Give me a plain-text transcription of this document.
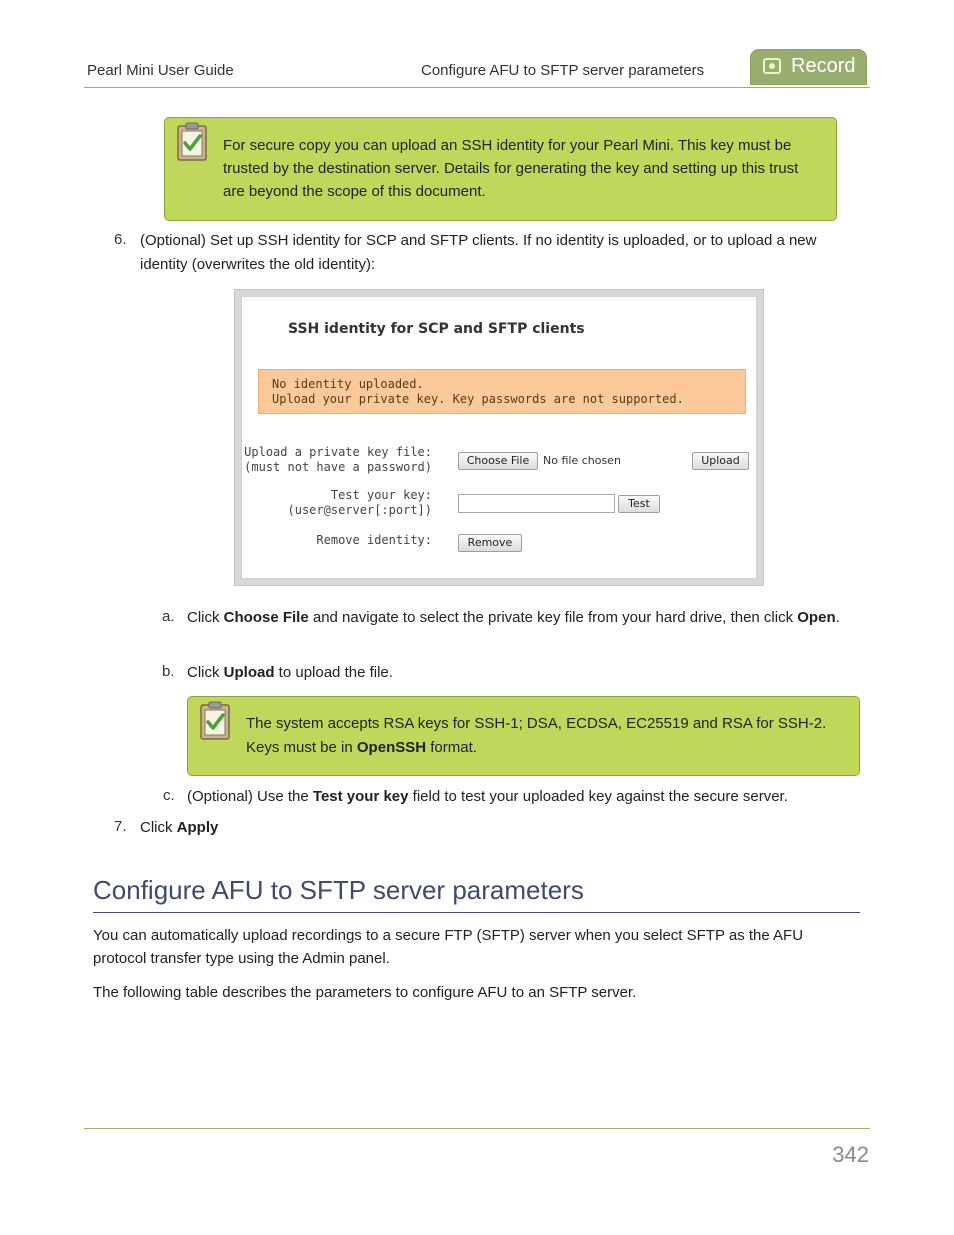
Pearl Mini User Guide	Configure AFU to SFTP server parameters	Record
For secure copy you can upload an SSH identity for your Pearl Mini. This key must be trusted by the destination server. Details for generating the key and setting up this trust are beyond the scope of this document.
6. (Optional) Set up SSH identity for SCP and SFTP clients. If no identity is uploaded, or to upload a new identity (overwrites the old identity):
SSH identity for SCP and SFTP clients
No identity uploaded.
Upload your private key. Key passwords are not supported.
Upload a private key file:
(must not have a password)	Choose File	No file chosen	Upload
Test your key:
(user@server[:port])	Test
Remove identity:	Remove
a. Click Choose File and navigate to select the private key file from your hard drive, then click Open.
b. Click Upload to upload the file.
The system accepts RSA keys for SSH-1; DSA, ECDSA, EC25519 and RSA for SSH-2.
Keys must be in OpenSSH format.
c. (Optional) Use the Test your key field to test your uploaded key against the secure server.
7. Click Apply
Configure AFU to SFTP server parameters
You can automatically upload recordings to a secure FTP (SFTP) server when you select SFTP as the AFU protocol transfer type using the Admin panel.
The following table describes the parameters to configure AFU to an SFTP server.
342
